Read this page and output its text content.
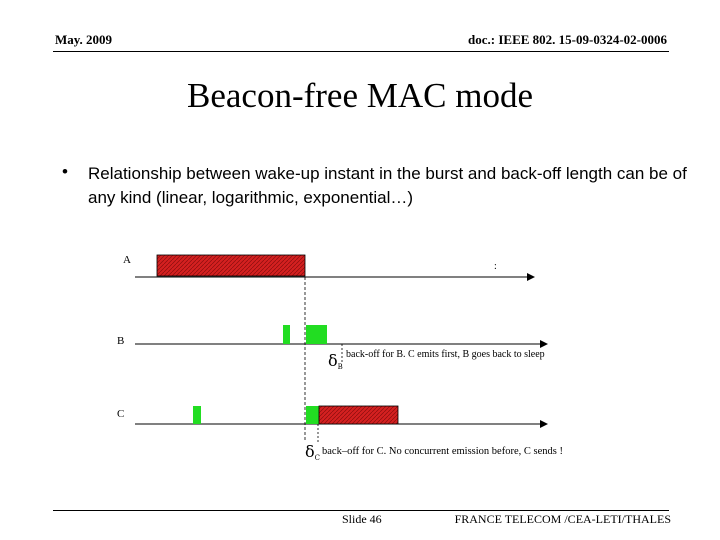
May. 2009	doc.: IEEE 802. 15-09-0324-02-0006
Beacon-free MAC mode
• Relationship between wake-up instant in the burst and back-off length can be of any kind (linear, logarithmic, exponential…)
A
:
B
δB
back-off for B. C emits first, B goes back to sleep
C
δC
back–off for C. No concurrent emission before, C sends !
Slide 46	FRANCE TELECOM /CEA-LETI/THALES
